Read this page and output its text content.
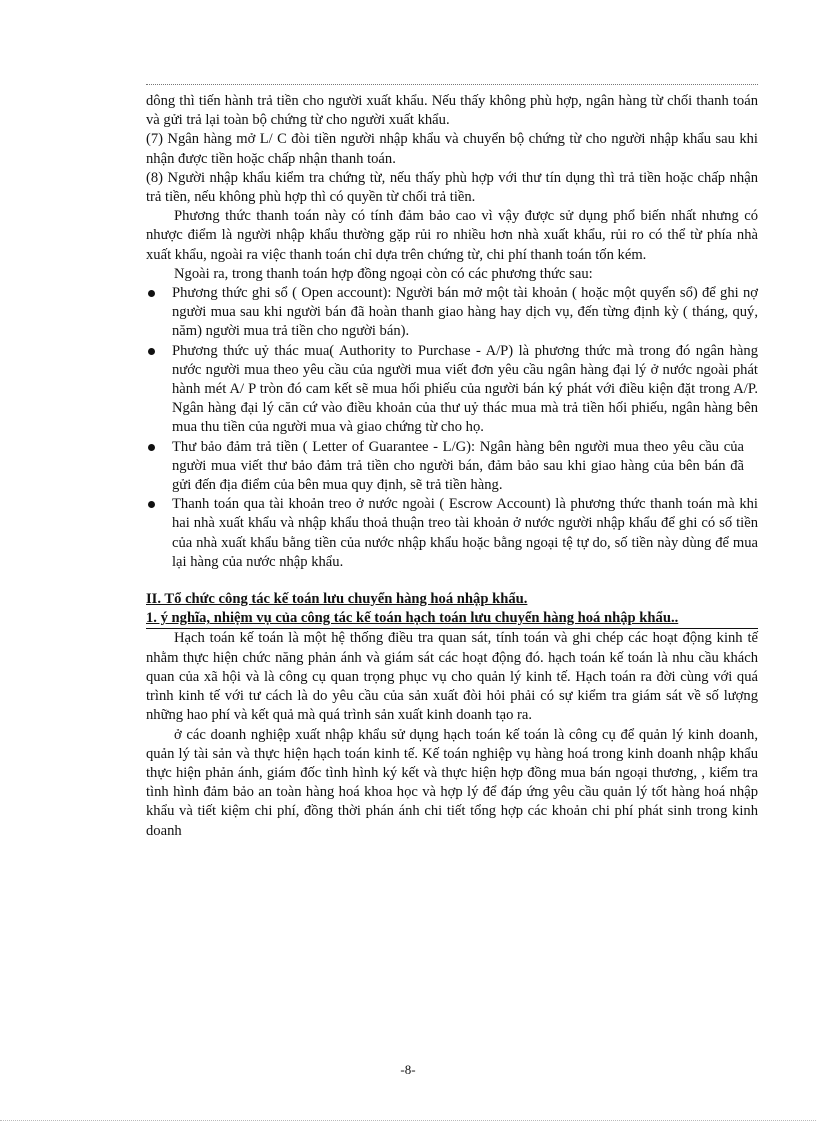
dông thì tiến hành trả tiền cho người xuất khẩu. Nếu thấy không phù hợp, ngân hàng từ chối thanh toán và gửi trả lại toàn bộ chứng từ cho người xuất khẩu.

(7) Ngân hàng mở L/ C đòi tiền người nhập khẩu và chuyển bộ chứng từ cho người nhập khẩu sau khi nhận được tiền hoặc chấp nhận thanh toán.

(8) Người nhập khẩu kiểm tra chứng từ, nếu thấy phù hợp với thư tín dụng thì trả tiền hoặc chấp nhận trả tiền, nếu không phù hợp thì có quyền từ chối trả tiền.

Phương thức thanh toán này có tính đảm bảo cao vì vậy được sử dụng phổ biến nhất nhưng có nhược điểm là người nhập khẩu thường gặp rủi ro nhiều hơn nhà xuất khẩu, rủi ro có thể từ phía nhà xuất khẩu, ngoài ra việc thanh toán chỉ dựa trên chứng từ, chi phí thanh toán tốn kém.

Ngoài ra, trong thanh toán hợp đồng ngoại còn có các phương thức sau:

Phương thức ghi sổ ( Open account): Người bán mở một tài khoản ( hoặc một quyển sổ) để ghi nợ người mua sau khi người bán đã hoàn thanh giao hàng hay dịch vụ, đến từng định kỳ ( tháng, quý, năm) người mua trả tiền cho người bán).
Phương thức uỷ thác mua( Authority to Purchase - A/P) là phương thức mà trong đó ngân hàng nước người mua theo yêu cầu của người mua viết đơn yêu cầu ngân hàng đại lý ở nước ngoài phát hành mét A/ P tròn đó cam kết sẽ mua hối phiếu của người bán ký phát với điều kiện đặt trong A/P. Ngân hàng đại lý căn cứ vào điều khoản của thư uỷ thác mua mà trả tiền hối phiếu, ngân hàng bên mua thu tiền của người mua và giao chứng từ cho họ.
Thư bảo đảm trả tiền ( Letter of Guarantee - L/G): Ngân hàng bên người mua theo yêu cầu của người mua viết thư bảo đảm trả tiền cho người bán, đảm bảo sau khi giao hàng của bên bán đã gửi đến địa điểm của bên mua quy định, sẽ trả tiền hàng.
Thanh toán qua tài khoản treo ở nước ngoài ( Escrow Account) là phương thức thanh toán mà khi hai nhà xuất khẩu và nhập khẩu thoả thuận treo tài khoản ở nước người nhập khẩu để ghi có số tiền của nhà xuất khẩu bằng tiền của nước nhập khẩu hoặc bằng ngoại tệ tự do, số tiền này dùng để mua lại hàng của nước nhập khẩu.

II. Tổ chức công tác kế toán lưu chuyển hàng hoá nhập khẩu.

1. ý nghĩa, nhiệm vụ của công tác kế toán hạch toán lưu chuyển hàng hoá nhập khẩu..

Hạch toán kế toán là một hệ thống điều tra quan sát, tính toán và ghi chép các hoạt động kinh tế nhằm thực hiện chức năng phản ánh và giám sát các hoạt động đó. hạch toán kế toán là nhu cầu khách quan của xã hội và là công cụ quan trọng phục vụ cho quản lý kinh tế. Hạch toán ra đời cùng với quá trình kinh tế với tư cách là do yêu cầu của sản xuất đòi hỏi phải có sự kiểm tra giám sát về số lượng những hao phí và kết quả mà quá trình sản xuất kinh doanh tạo ra.

ở các doanh nghiệp xuất nhập khẩu sử dụng hạch toán kế toán là công cụ để quản lý kinh doanh, quản lý tài sản và thực hiện hạch toán kinh tế. Kế toán nghiệp vụ hàng hoá trong kinh doanh nhập khẩu thực hiện phản ánh, giám đốc tình hình ký kết và thực hiện hợp đồng mua bán ngoại thương, , kiểm tra tình hình đảm bảo an toàn hàng hoá khoa học và hợp lý để đáp ứng yêu cầu quản lý tốt hàng hoá nhập khẩu và tiết kiệm chi phí, đồng thời phán ánh chi tiết tổng hợp các khoản chi phí phát sinh trong kinh doanh

-8-
